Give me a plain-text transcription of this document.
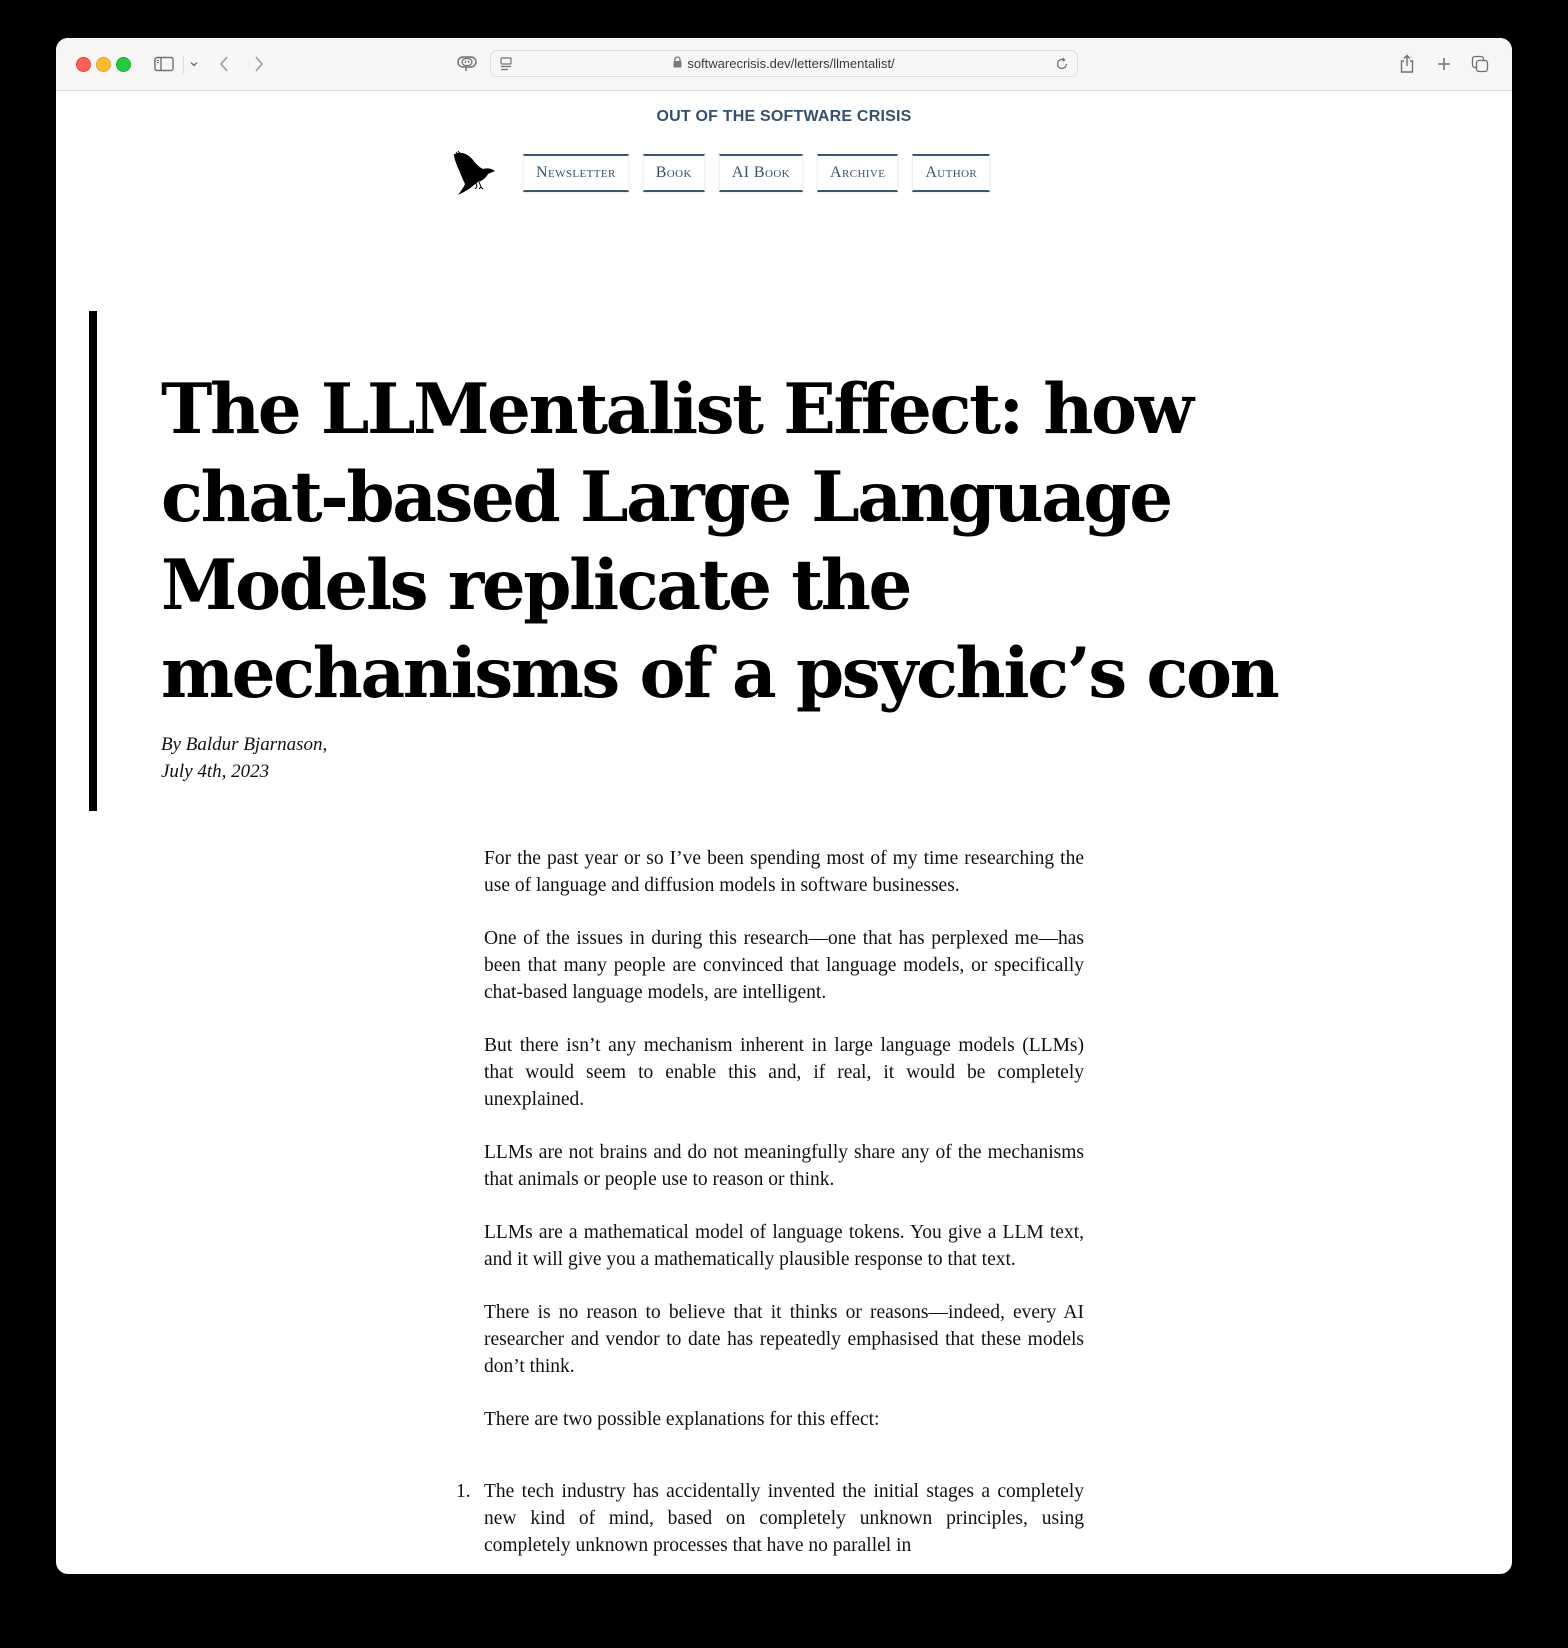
softwarecrisis.dev/letters/llmentalist/
OUT OF THE SOFTWARE CRISIS
Newsletter	Book	AI Book	Archive	Author
The LLMentalist Effect: how chat-based Large Language Models replicate the mechanisms of a psychic’s con
By Baldur Bjarnason,
July 4th, 2023

For the past year or so I’ve been spending most of my time researching the use of language and diffusion models in software businesses.

One of the issues in during this research—one that has perplexed me—has been that many people are convinced that language models, or specifically chat-based language models, are intelligent.

But there isn’t any mechanism inherent in large language models (LLMs) that would seem to enable this and, if real, it would be completely unexplained.

LLMs are not brains and do not meaningfully share any of the mechanisms that animals or people use to reason or think.

LLMs are a mathematical model of language tokens. You give a LLM text, and it will give you a mathematically plausible response to that text.

There is no reason to believe that it thinks or reasons—indeed, every AI researcher and vendor to date has repeatedly emphasised that these models don’t think.

There are two possible explanations for this effect:

1. The tech industry has accidentally invented the initial stages a completely new kind of mind, based on completely unknown principles, using completely unknown processes that have no parallel in
